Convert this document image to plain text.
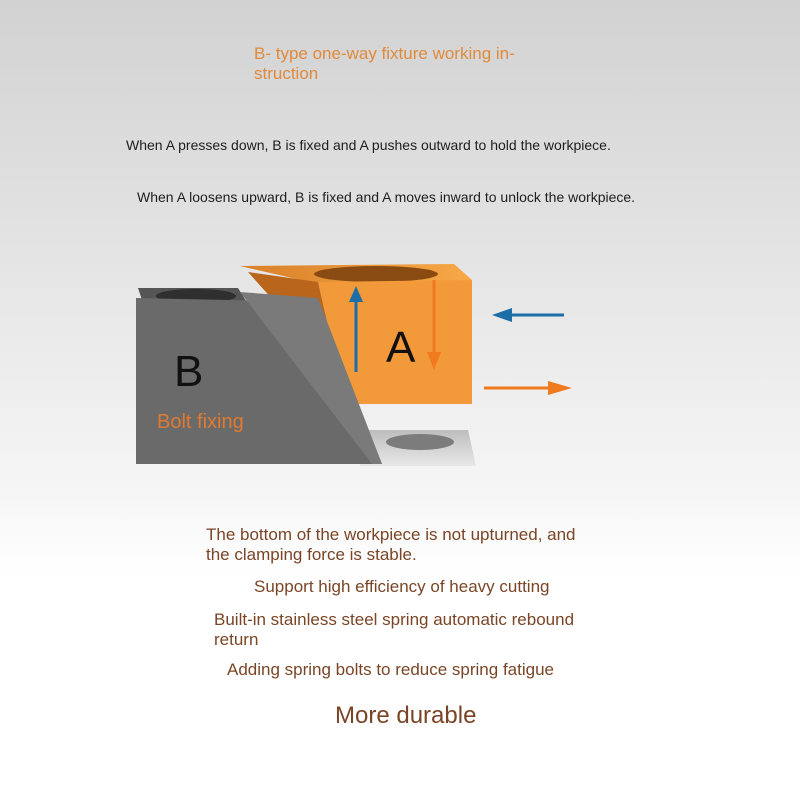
B- type one-way fixture working in-
struction
When A presses down, B is fixed and A pushes outward to hold the workpiece.
When A loosens upward, B is fixed and A moves inward to unlock the workpiece.
A
B
Bolt fixing
The bottom of the workpiece is not upturned, and
the clamping force is stable.
Support high efficiency of heavy cutting
Built-in stainless steel spring automatic rebound
return
Adding spring bolts to reduce spring fatigue
More durable
